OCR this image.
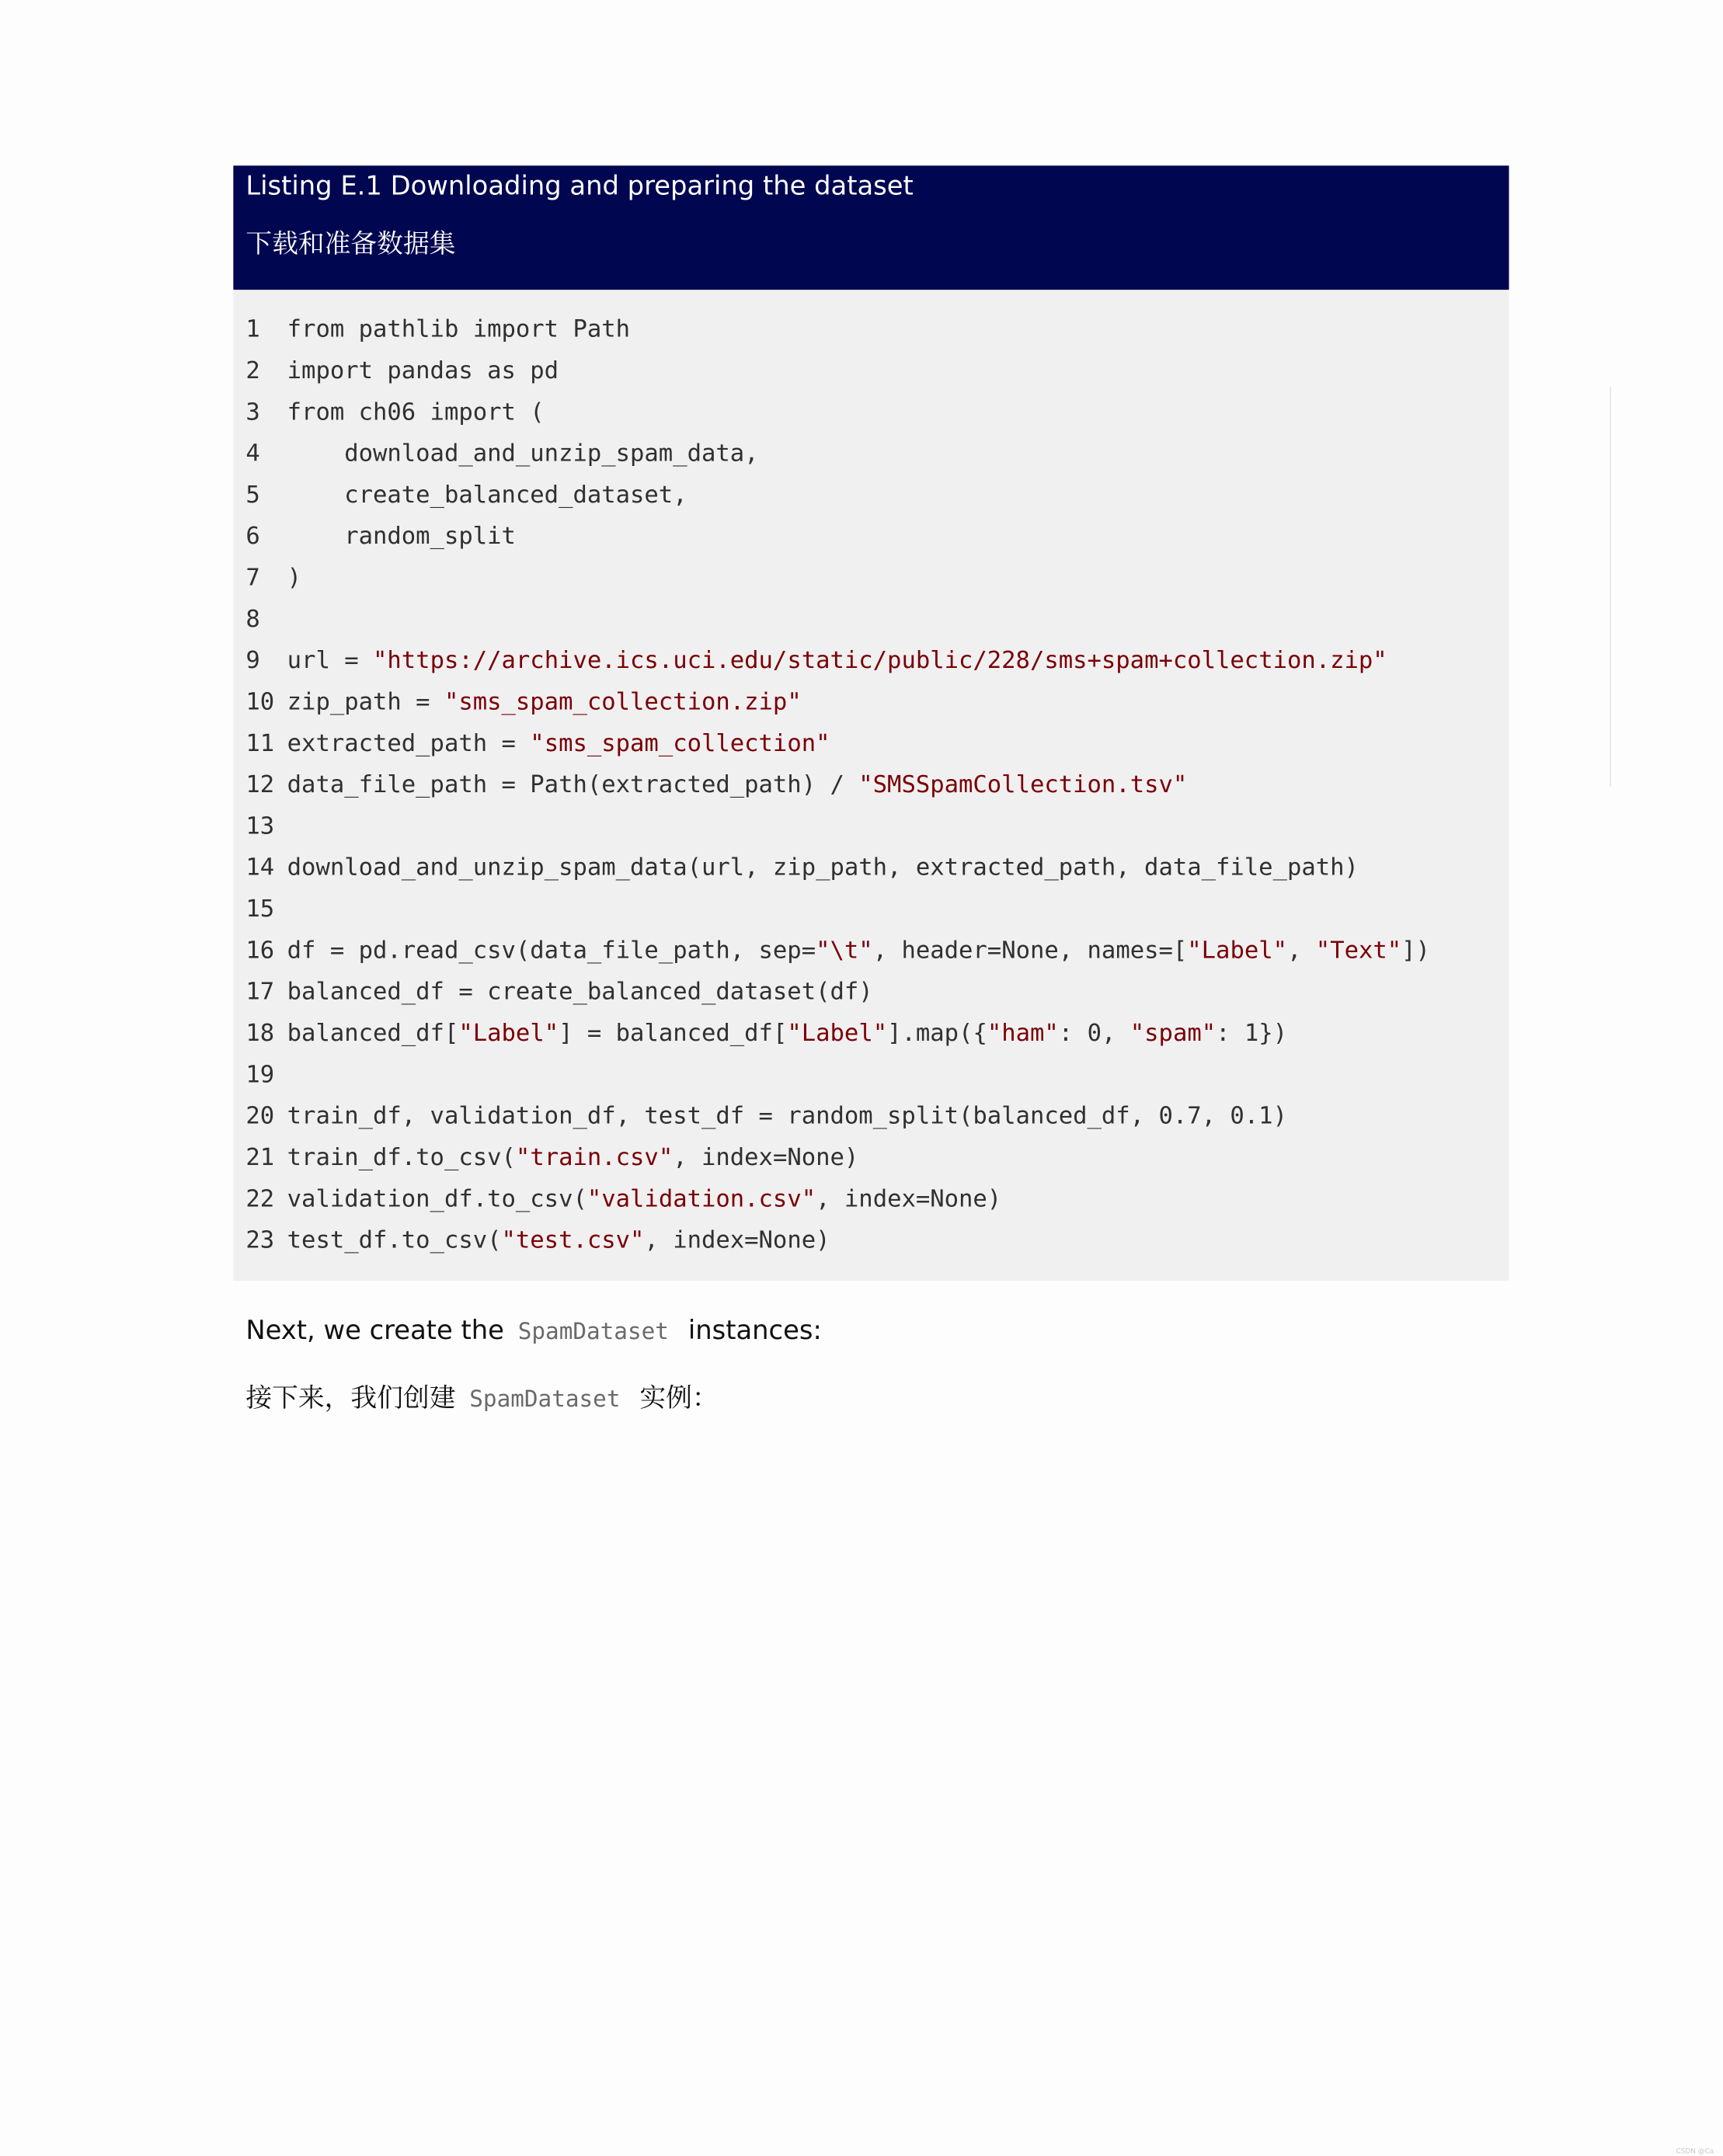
Listing E.1 Downloading and preparing the dataset
下载和准备数据集
1 from pathlib import Path
2 import pandas as pd
3 from ch06 import (
4    download_and_unzip_spam_data,
5    create_balanced_dataset,
6    random_split
7 )
8
9 url = "https://archive.ics.uci.edu/static/public/228/sms+spam+collection.zip"
10 zip_path = "sms_spam_collection.zip"
11 extracted_path = "sms_spam_collection"
12 data_file_path = Path(extracted_path) / "SMSSpamCollection.tsv"
13
14 download_and_unzip_spam_data(url, zip_path, extracted_path, data_file_path)
15
16 df = pd.read_csv(data_file_path, sep="\t", header=None, names=["Label", "Text"])
17 balanced_df = create_balanced_dataset(df)
18 balanced_df["Label"] = balanced_df["Label"].map({"ham": 0, "spam": 1})
19
20 train_df, validation_df, test_df = random_split(balanced_df, 0.7, 0.1)
21 train_df.to_csv("train.csv", index=None)
22 validation_df.to_csv("validation.csv", index=None)
23 test_df.to_csv("test.csv", index=None)
Next, we create the SpamDataset instances:
接下来，我们创建 SpamDataset 实例：
CSDN @Ca
